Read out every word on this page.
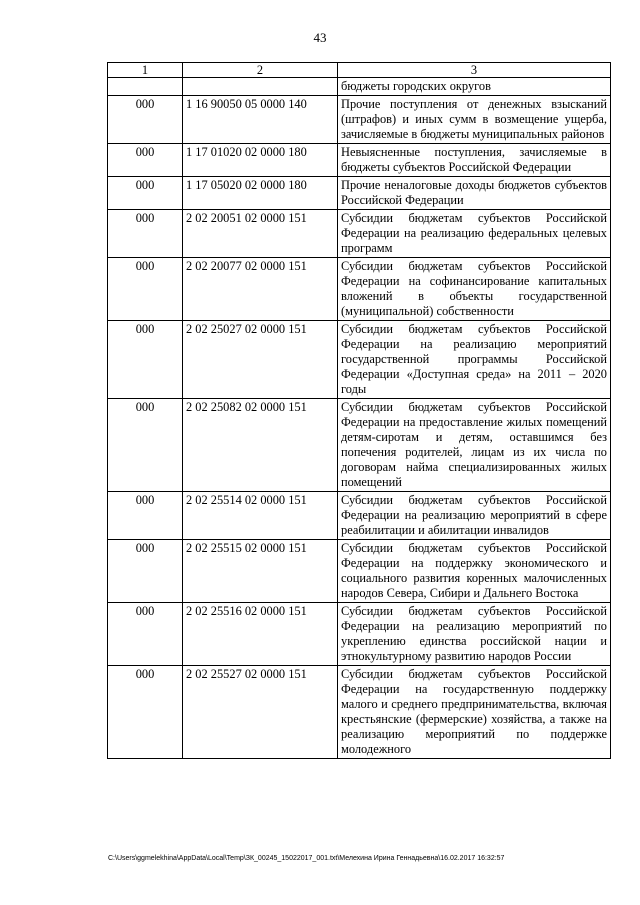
43
1	2	3
		бюджеты городских округов
000	1 16 90050 05 0000 140	Прочие поступления от денежных взысканий (штрафов) и иных сумм в возмещение ущерба, зачисляемые в бюджеты муниципальных районов
000	1 17 01020 02 0000 180	Невыясненные поступления, зачисляемые в бюджеты субъектов Российской Федерации
000	1 17 05020 02 0000 180	Прочие неналоговые доходы бюджетов субъектов Российской Федерации
000	2 02 20051 02 0000 151	Субсидии бюджетам субъектов Российской Федерации на реализацию федеральных целевых программ
000	2 02 20077 02 0000 151	Субсидии бюджетам субъектов Российской Федерации на софинансирование капитальных вложений в объекты государственной (муниципальной) собственности
000	2 02 25027 02 0000 151	Субсидии бюджетам субъектов Российской Федерации на реализацию мероприятий государственной программы Российской Федерации «Доступная среда» на 2011 – 2020 годы
000	2 02 25082 02 0000 151	Субсидии бюджетам субъектов Российской Федерации на предоставление жилых помещений детям-сиротам и детям, оставшимся без попечения родителей, лицам из их числа по договорам найма специализированных жилых помещений
000	2 02 25514 02 0000 151	Субсидии бюджетам субъектов Российской Федерации на реализацию мероприятий в сфере реабилитации и абилитации инвалидов
000	2 02 25515 02 0000 151	Субсидии бюджетам субъектов Российской Федерации на поддержку экономического и социального развития коренных малочисленных народов Севера, Сибири и Дальнего Востока
000	2 02 25516 02 0000 151	Субсидии бюджетам субъектов Российской Федерации на реализацию мероприятий по укреплению единства российской нации и этнокультурному развитию народов России
000	2 02 25527 02 0000 151	Субсидии бюджетам субъектов Российской Федерации на государственную поддержку малого и среднего предпринимательства, включая крестьянские (фермерские) хозяйства, а также на реализацию мероприятий по поддержке молодежного
C:\Users\ggmelekhina\AppData\Local\Temp\ЗК_00245_15022017_001.txt\Мелехина Ирина Геннадьевна\16.02.2017 16:32:57
